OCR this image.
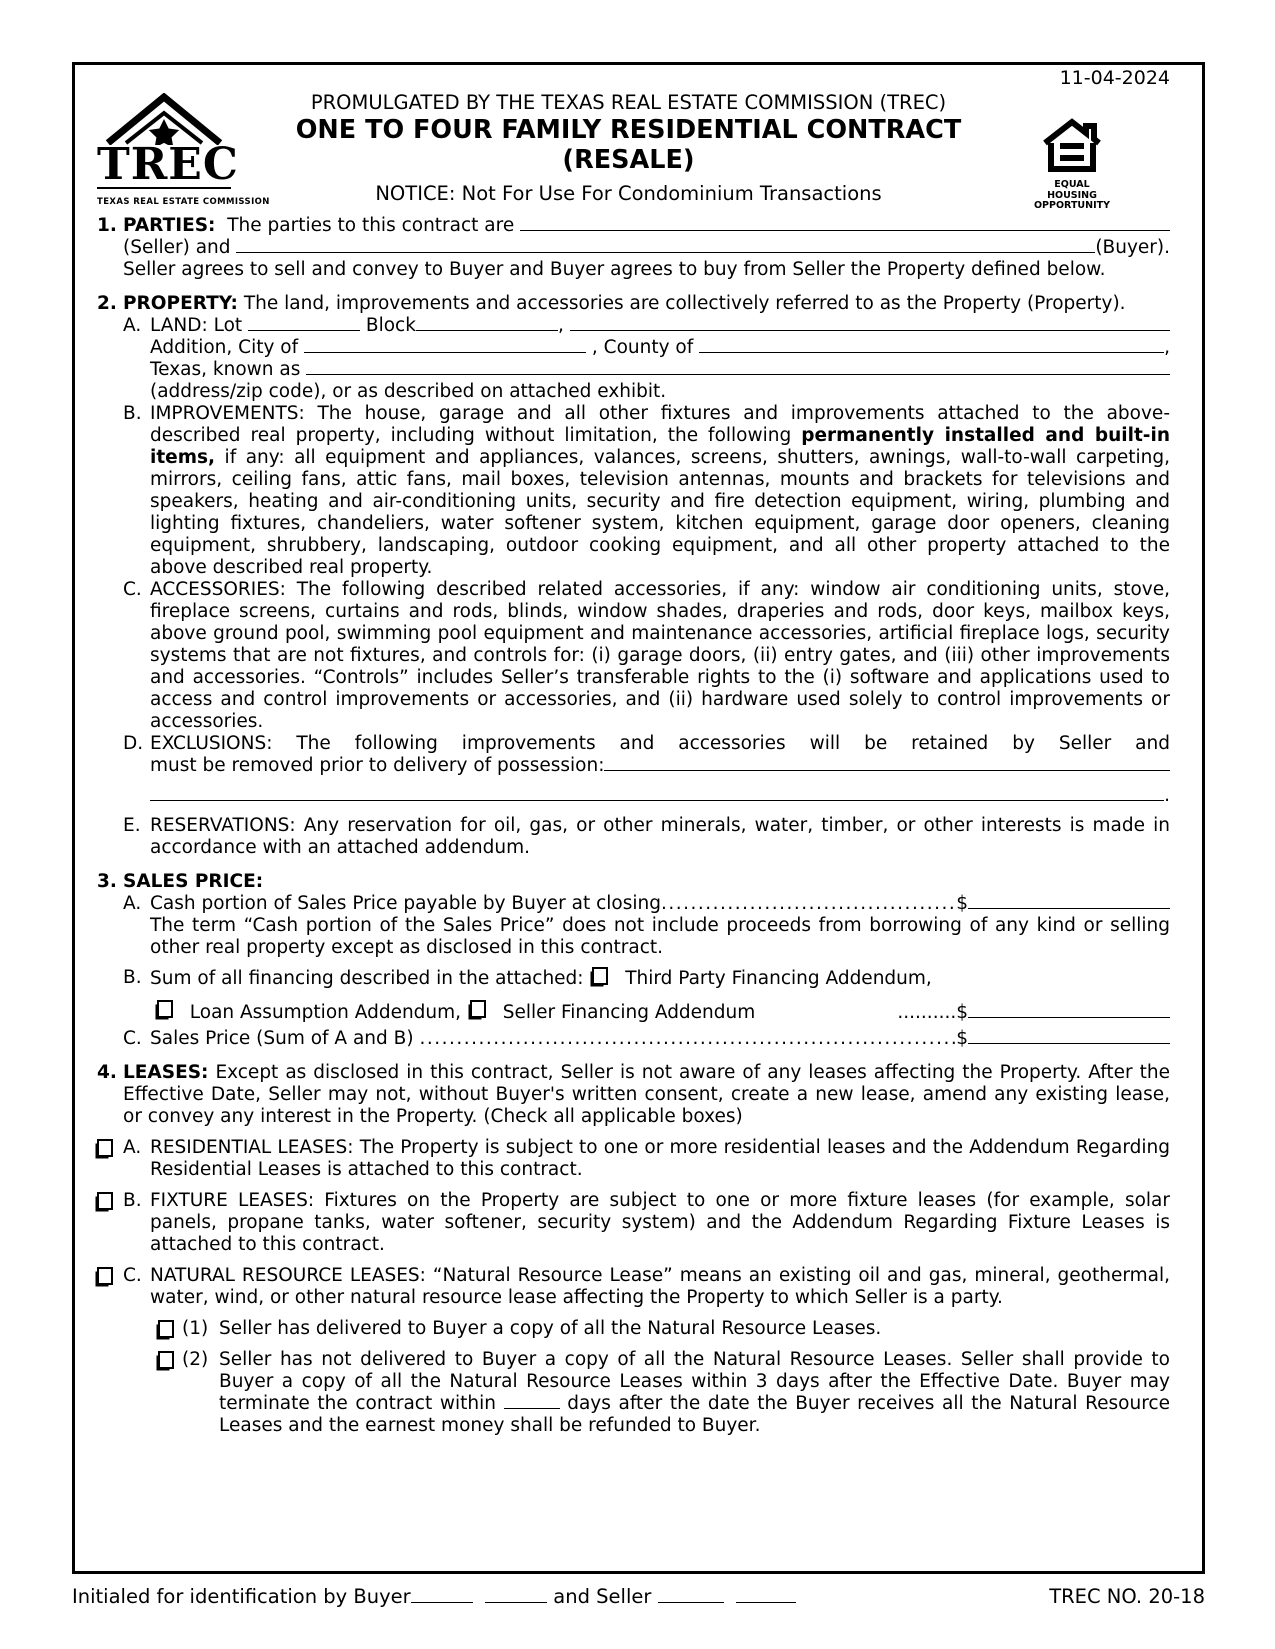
11-04-2024
TREC
TEXAS REAL ESTATE COMMISSION
PROMULGATED BY THE TEXAS REAL ESTATE COMMISSION (TREC)
ONE TO FOUR FAMILY RESIDENTIAL CONTRACT (RESALE)
NOTICE: Not For Use For Condominium Transactions	EQUAL HOUSING
OPPORTUNITY
1. PARTIES: The parties to this contract are
(Seller) and	(Buyer).
Seller agrees to sell and convey to Buyer and Buyer agrees to buy from Seller the Property defined below.
2. PROPERTY: The land, improvements and accessories are collectively referred to as the Property (Property).
A. LAND: Lot	Block	,
Addition, City of	, County of	,
Texas, known as
(address/zip code), or as described on attached exhibit.
B. IMPROVEMENTS: The house, garage and all other fixtures and improvements attached to the above-described real property, including without limitation, the following permanently installed and built-in items, if any: all equipment and appliances, valances, screens, shutters, awnings, wall-to-wall carpeting, mirrors, ceiling fans, attic fans, mail boxes, television antennas, mounts and brackets for televisions and speakers, heating and air-conditioning units, security and fire detection equipment, wiring, plumbing and lighting fixtures, chandeliers, water softener system, kitchen equipment, garage door openers, cleaning equipment, shrubbery, landscaping, outdoor cooking equipment, and all other property attached to the above described real property.
C. ACCESSORIES: The following described related accessories, if any: window air conditioning units, stove, fireplace screens, curtains and rods, blinds, window shades, draperies and rods, door keys, mailbox keys, above ground pool, swimming pool equipment and maintenance accessories, artificial fireplace logs, security systems that are not fixtures, and controls for: (i) garage doors, (ii) entry gates, and (iii) other improvements and accessories. “Controls” includes Seller’s transferable rights to the (i) software and applications used to access and control improvements or accessories, and (ii) hardware used solely to control improvements or accessories.
D. EXCLUSIONS: The following improvements and accessories will be retained by Seller and
must be removed prior to delivery of possession:
.
E. RESERVATIONS: Any reservation for oil, gas, or other minerals, water, timber, or other interests is made in accordance with an attached addendum.
3. SALES PRICE:
A. Cash portion of Sales Price payable by Buyer at closing .....	$
The term “Cash portion of the Sales Price” does not include proceeds from borrowing of any kind or selling other real property except as disclosed in this contract.
B. Sum of all financing described in the attached:   Third Party Financing Addendum,

Loan Assumption Addendum,
Seller Financing Addendum	.......... $
C. Sales Price (Sum of A and B) .....	$
4. LEASES: Except as disclosed in this contract, Seller is not aware of any leases affecting the Property. After the Effective Date, Seller may not, without Buyer's written consent, create a new lease, amend any existing lease, or convey any interest in the Property. (Check all applicable boxes)
A. RESIDENTIAL LEASES: The Property is subject to one or more residential leases and the Addendum Regarding Residential Leases is attached to this contract.
B. FIXTURE LEASES: Fixtures on the Property are subject to one or more fixture leases (for example, solar panels, propane tanks, water softener, security system) and the Addendum Regarding Fixture Leases is attached to this contract.
C. NATURAL RESOURCE LEASES: “Natural Resource Lease” means an existing oil and gas, mineral, geothermal, water, wind, or other natural resource lease affecting the Property to which Seller is a party.
(1) Seller has delivered to Buyer a copy of all the Natural Resource Leases.
(2) Seller has not delivered to Buyer a copy of all the Natural Resource Leases. Seller shall provide to Buyer a copy of all the Natural Resource Leases within 3 days after the Effective Date. Buyer may terminate the contract within	days after the date the Buyer receives all the Natural Resource Leases and the earnest money shall be refunded to Buyer.
Initialed for identification by Buyer
	and Seller
	TREC NO. 20-18
